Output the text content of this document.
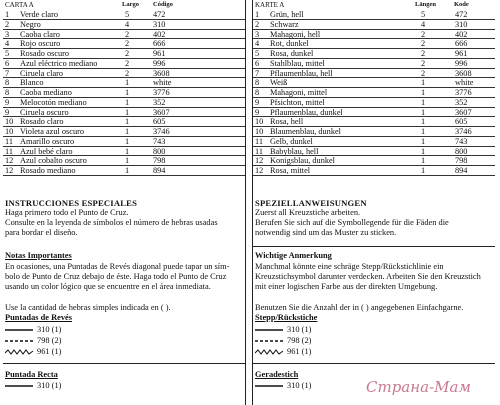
CARTA A	Largo Código
1 Verde claro	5	472
2 Negro	4	310
3 Caoba claro	2	402
4 Rojo oscuro	2	666
5 Rosado oscuro	2	961
6 Azul eléctrico mediano	2	996
7 Ciruela claro	2	3608
8 Blanco	1	white
8 Caoba mediano	1	3776
9 Melocotón mediano	1	352
9 Ciruela oscuro	1	3607
10 Rosado claro	1	605
10 Violeta azul oscuro	1	3746
11 Amarillo oscuro	1	743
11 Azul bebé claro	1	800
12 Azul cobalto oscuro	1	798
12 Rosado mediano	1	894
INSTRUCCIONES ESPECIALES
Haga primero todo el Punto de Cruz.
Consulte en la leyenda de símbolos el número de hebras usadas
para bordar el diseño.
Notas Importantes
En ocasiones, una Puntadas de Revés diagonal puede tapar un sím-
bolo de Punto de Cruz debajo de éste. Haga todo el Punto de Cruz
usando un color lógico que se encuentre en el área inmediata.
Use la cantidad de hebras simples indicada en ( ).
Puntadas de Revés
310 (1)
798 (2)
961 (1)
Puntada Recta
310 (1)
KARTE A	Längen	Kode
1 Grün, hell	5	472
2 Schwarz	4	310
3 Mahagoni, hell	2	402
4 Rot, dunkel	2	666
5 Rosa, dunkel	2	961
6 Stahlblau, mittel	2	996
7 Pflaumenblau, hell	2	3608
8 Weiß	1	white
8 Mahagoni, mittel	1	3776
9 Pfsichton, mittel	1	352
9 Pflaumenblau, dunkel	1	3607
10 Rosa, hell	1	605
10 Blaumenblau, dunkel	1	3746
11 Gelb, dunkel	1	743
11 Babyblau, hell	1	800
12 Konigsblau, dunkel	1	798
12 Rosa, mittel	1	894
SPEZIELLANWEISUNGEN
Zuerst all Kreuzstiche arbeiten.
Berufen Sie sich auf die Symbollegende für die Fäden die
notwendig sind um das Muster zu sticken.
Wichtige Anmerkung
Manchmal könnte eine schräge Stepp/Rückstichlinie ein
Kreuzstichsymbol darunter verdecken. Arbeiten Sie den Kreuzstich
mit einer logischen Farbe aus der direkten Umgebung.
Benutzen Sie die Anzahl der in ( ) angegebenen Einfachgarne.
Stepp/Rückstiche
310 (1)
798 (2)
961 (1)
Geradestich
310 (1)	Страна-Мам
